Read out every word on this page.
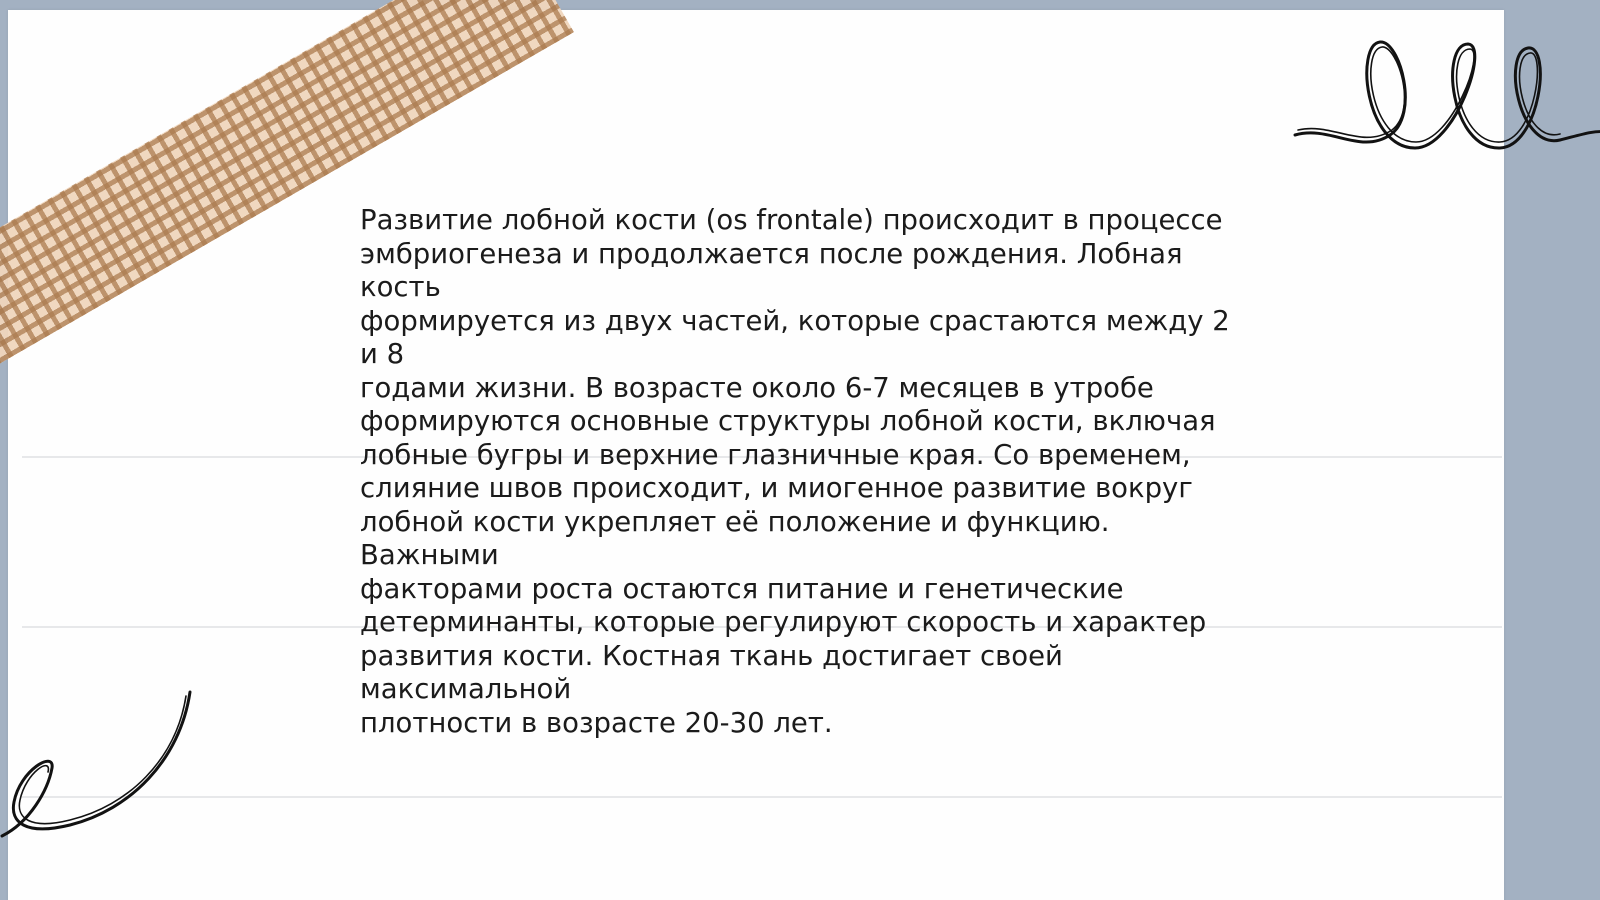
Развитие лобной кости (os frontale) происходит в процессе
эмбриогенеза и продолжается после рождения. Лобная кость
формируется из двух частей, которые срастаются между 2 и 8
годами жизни. В возрасте около 6-7 месяцев в утробе
формируются основные структуры лобной кости, включая
лобные бугры и верхние глазничные края. Со временем,
слияние швов происходит, и миогенное развитие вокруг
лобной кости укрепляет её положение и функцию. Важными
факторами роста остаются питание и генетические
детерминанты, которые регулируют скорость и характер
развития кости. Костная ткань достигает своей максимальной
плотности в возрасте 20-30 лет.
